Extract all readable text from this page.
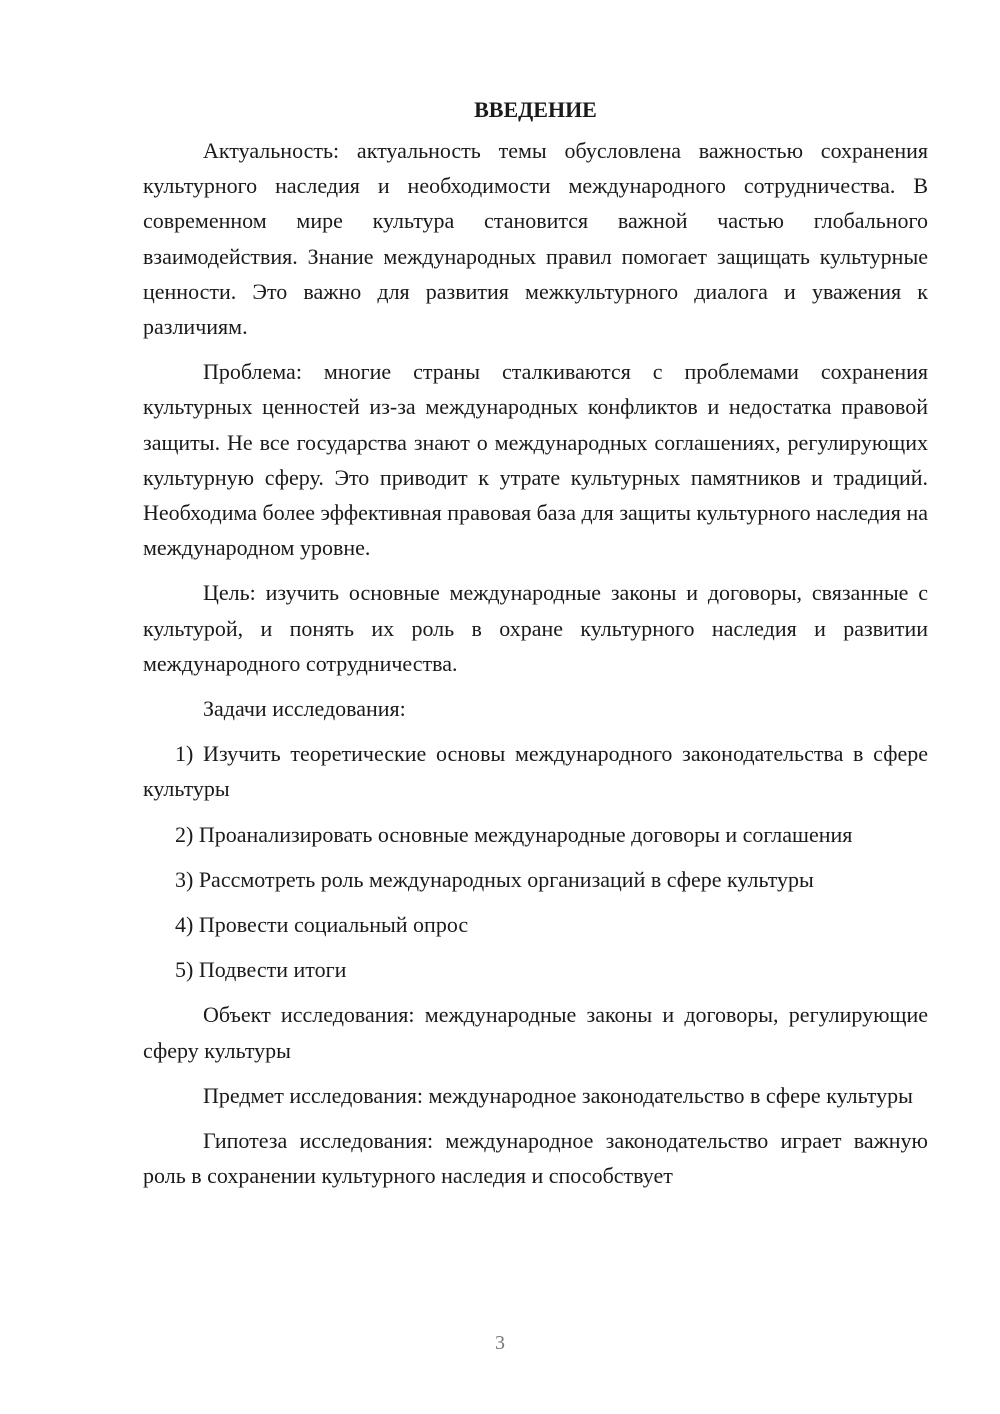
ВВЕДЕНИЕ

Актуальность: актуальность темы обусловлена важностью сохранения культурного наследия и необходимости международного сотрудничества. В современном мире культура становится важной частью глобального взаимодействия. Знание международных правил помогает защищать культурные ценности. Это важно для развития межкультурного диалога и уважения к различиям.

Проблема: многие страны сталкиваются с проблемами сохранения культурных ценностей из-за международных конфликтов и недостатка правовой защиты. Не все государства знают о международных соглашениях, регулирующих культурную сферу. Это приводит к утрате культурных памятников и традиций. Необходима более эффективная правовая база для защиты культурного наследия на международном уровне.

Цель: изучить основные международные законы и договоры, связанные с культурой, и понять их роль в охране культурного наследия и развитии международного сотрудничества.

Задачи исследования:

1) Изучить теоретические основы международного законодательства в сфере культуры

2) Проанализировать основные международные договоры и соглашения

3) Рассмотреть роль международных организаций в сфере культуры

4) Провести социальный опрос

5) Подвести итоги

Объект исследования: международные законы и договоры, регулирующие сферу культуры

Предмет исследования: международное законодательство в сфере культуры

Гипотеза исследования: международное законодательство играет важную роль в сохранении культурного наследия и способствует

3
